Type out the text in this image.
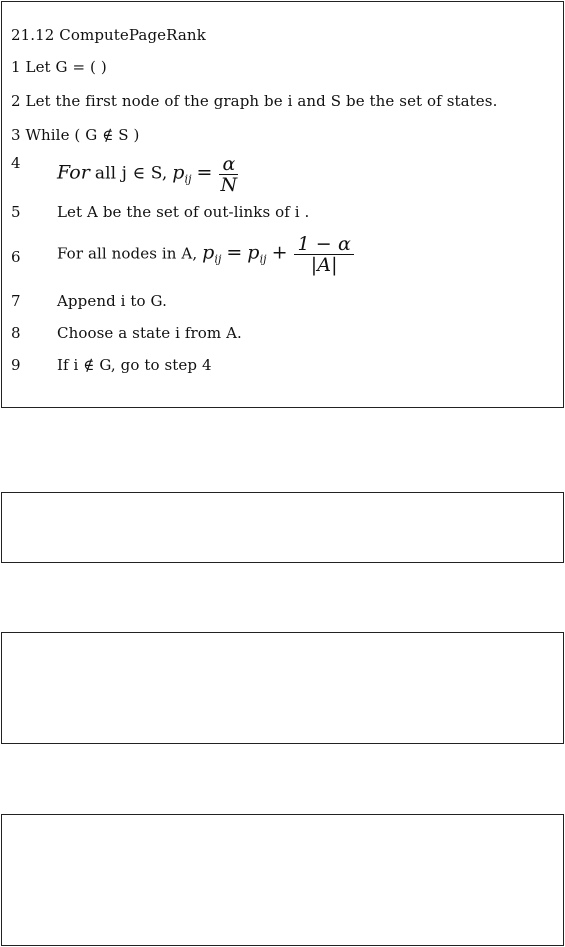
21.12 ComputePageRank
1 Let G = ( )
2 Let the first node of the graph be i and S be the set of states.
3 While ( G ∉ S )
4 For all j ∈ S, $p_{ij} = \frac{\alpha}{N}$
5 Let A be the set of out-links of i .
6 For all nodes in A, $p_{ij} = p_{ij} + \frac{1 - \alpha}{|A|}$
7 Append i to G.
8 Choose a state i from A.
9 If i ∉ G, go to step 4
